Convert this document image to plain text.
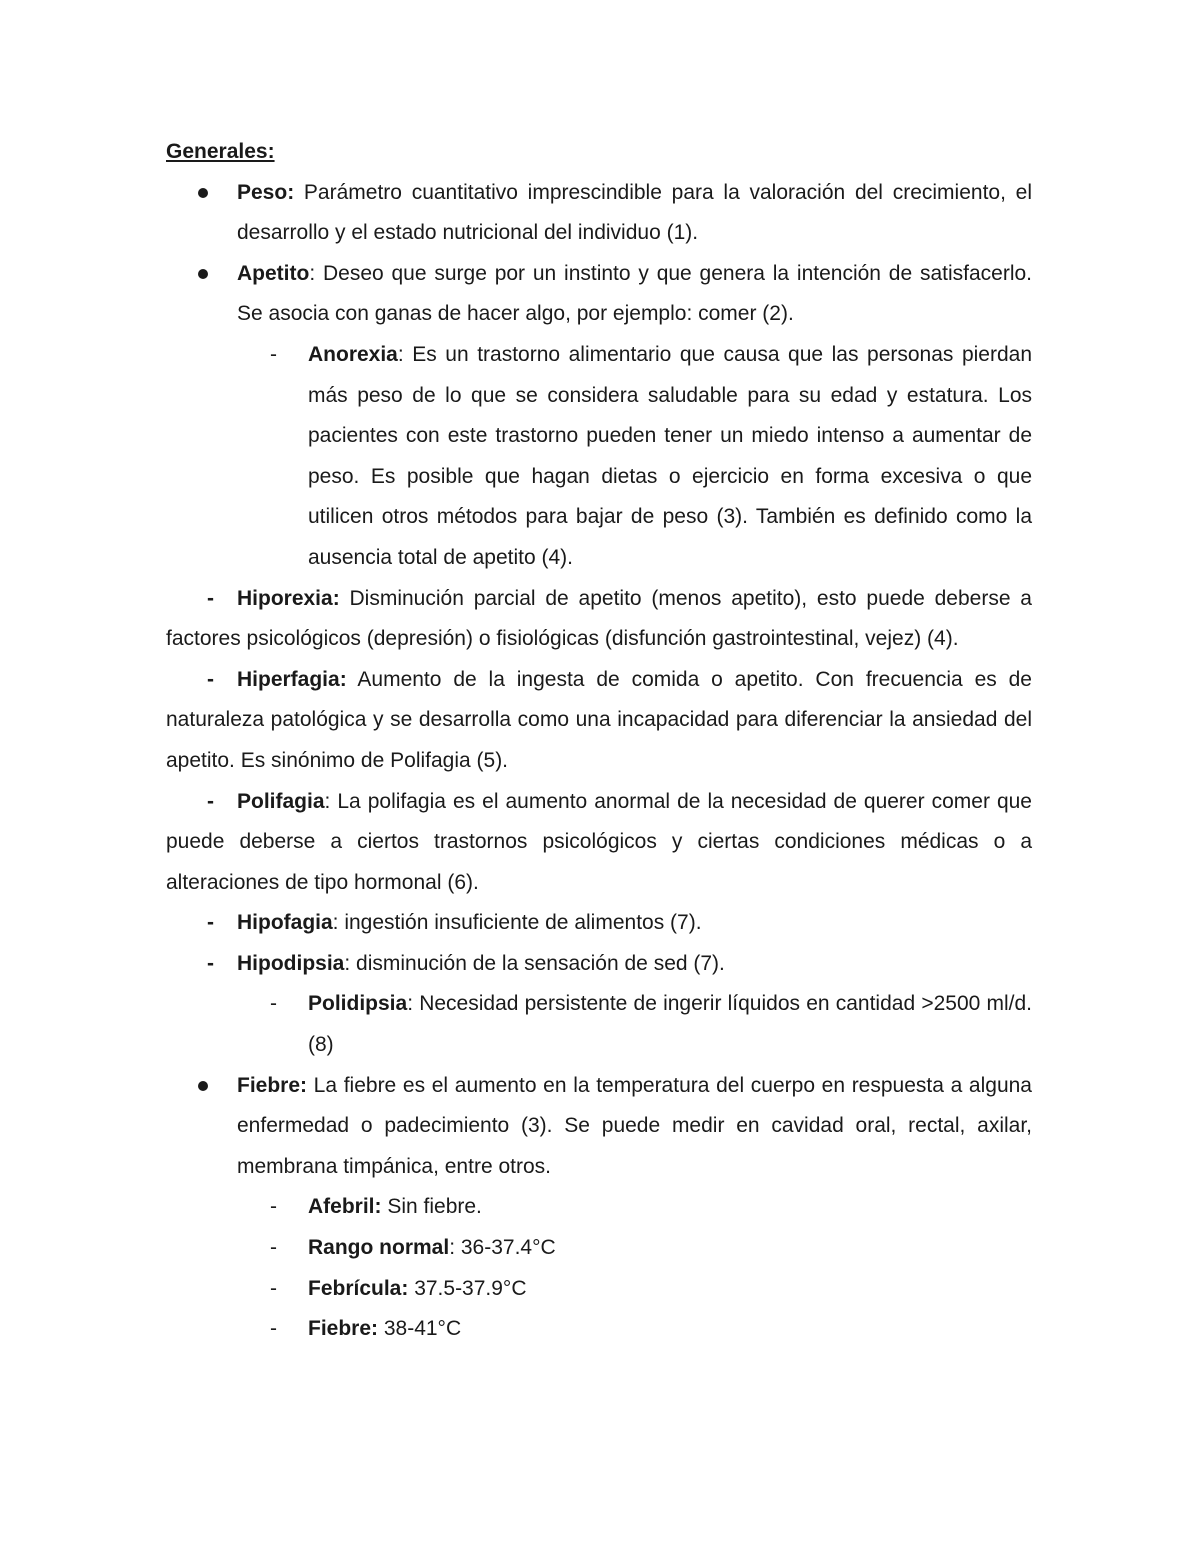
Generales:

Peso: Parámetro cuantitativo imprescindible para la valoración del crecimiento, el desarrollo y el estado nutricional del individuo (1).
Apetito: Deseo que surge por un instinto y que genera la intención de satisfacerlo. Se asocia con ganas de hacer algo, por ejemplo: comer (2).
- Anorexia: Es un trastorno alimentario que causa que las personas pierdan más peso de lo que se considera saludable para su edad y estatura. Los pacientes con este trastorno pueden tener un miedo intenso a aumentar de peso. Es posible que hagan dietas o ejercicio en forma excesiva o que utilicen otros métodos para bajar de peso (3). También es definido como la ausencia total de apetito (4).
- Hiporexia: Disminución parcial de apetito (menos apetito), esto puede deberse a factores psicológicos (depresión) o fisiológicas (disfunción gastrointestinal, vejez) (4).
- Hiperfagia: Aumento de la ingesta de comida o apetito. Con frecuencia es de naturaleza patológica y se desarrolla como una incapacidad para diferenciar la ansiedad del apetito. Es sinónimo de Polifagia (5).
- Polifagia: La polifagia es el aumento anormal de la necesidad de querer comer que puede deberse a ciertos trastornos psicológicos y ciertas condiciones médicas o a alteraciones de tipo hormonal (6).
- Hipofagia: ingestión insuficiente de alimentos (7).
- Hipodipsia: disminución de la sensación de sed (7).
- Polidipsia: Necesidad persistente de ingerir líquidos en cantidad >2500 ml/d. (8)
Fiebre: La fiebre es el aumento en la temperatura del cuerpo en respuesta a alguna enfermedad o padecimiento (3). Se puede medir en cavidad oral, rectal, axilar, membrana timpánica, entre otros.
- Afebril: Sin fiebre.
- Rango normal: 36-37.4°C
- Febrícula: 37.5-37.9°C
- Fiebre: 38-41°C
